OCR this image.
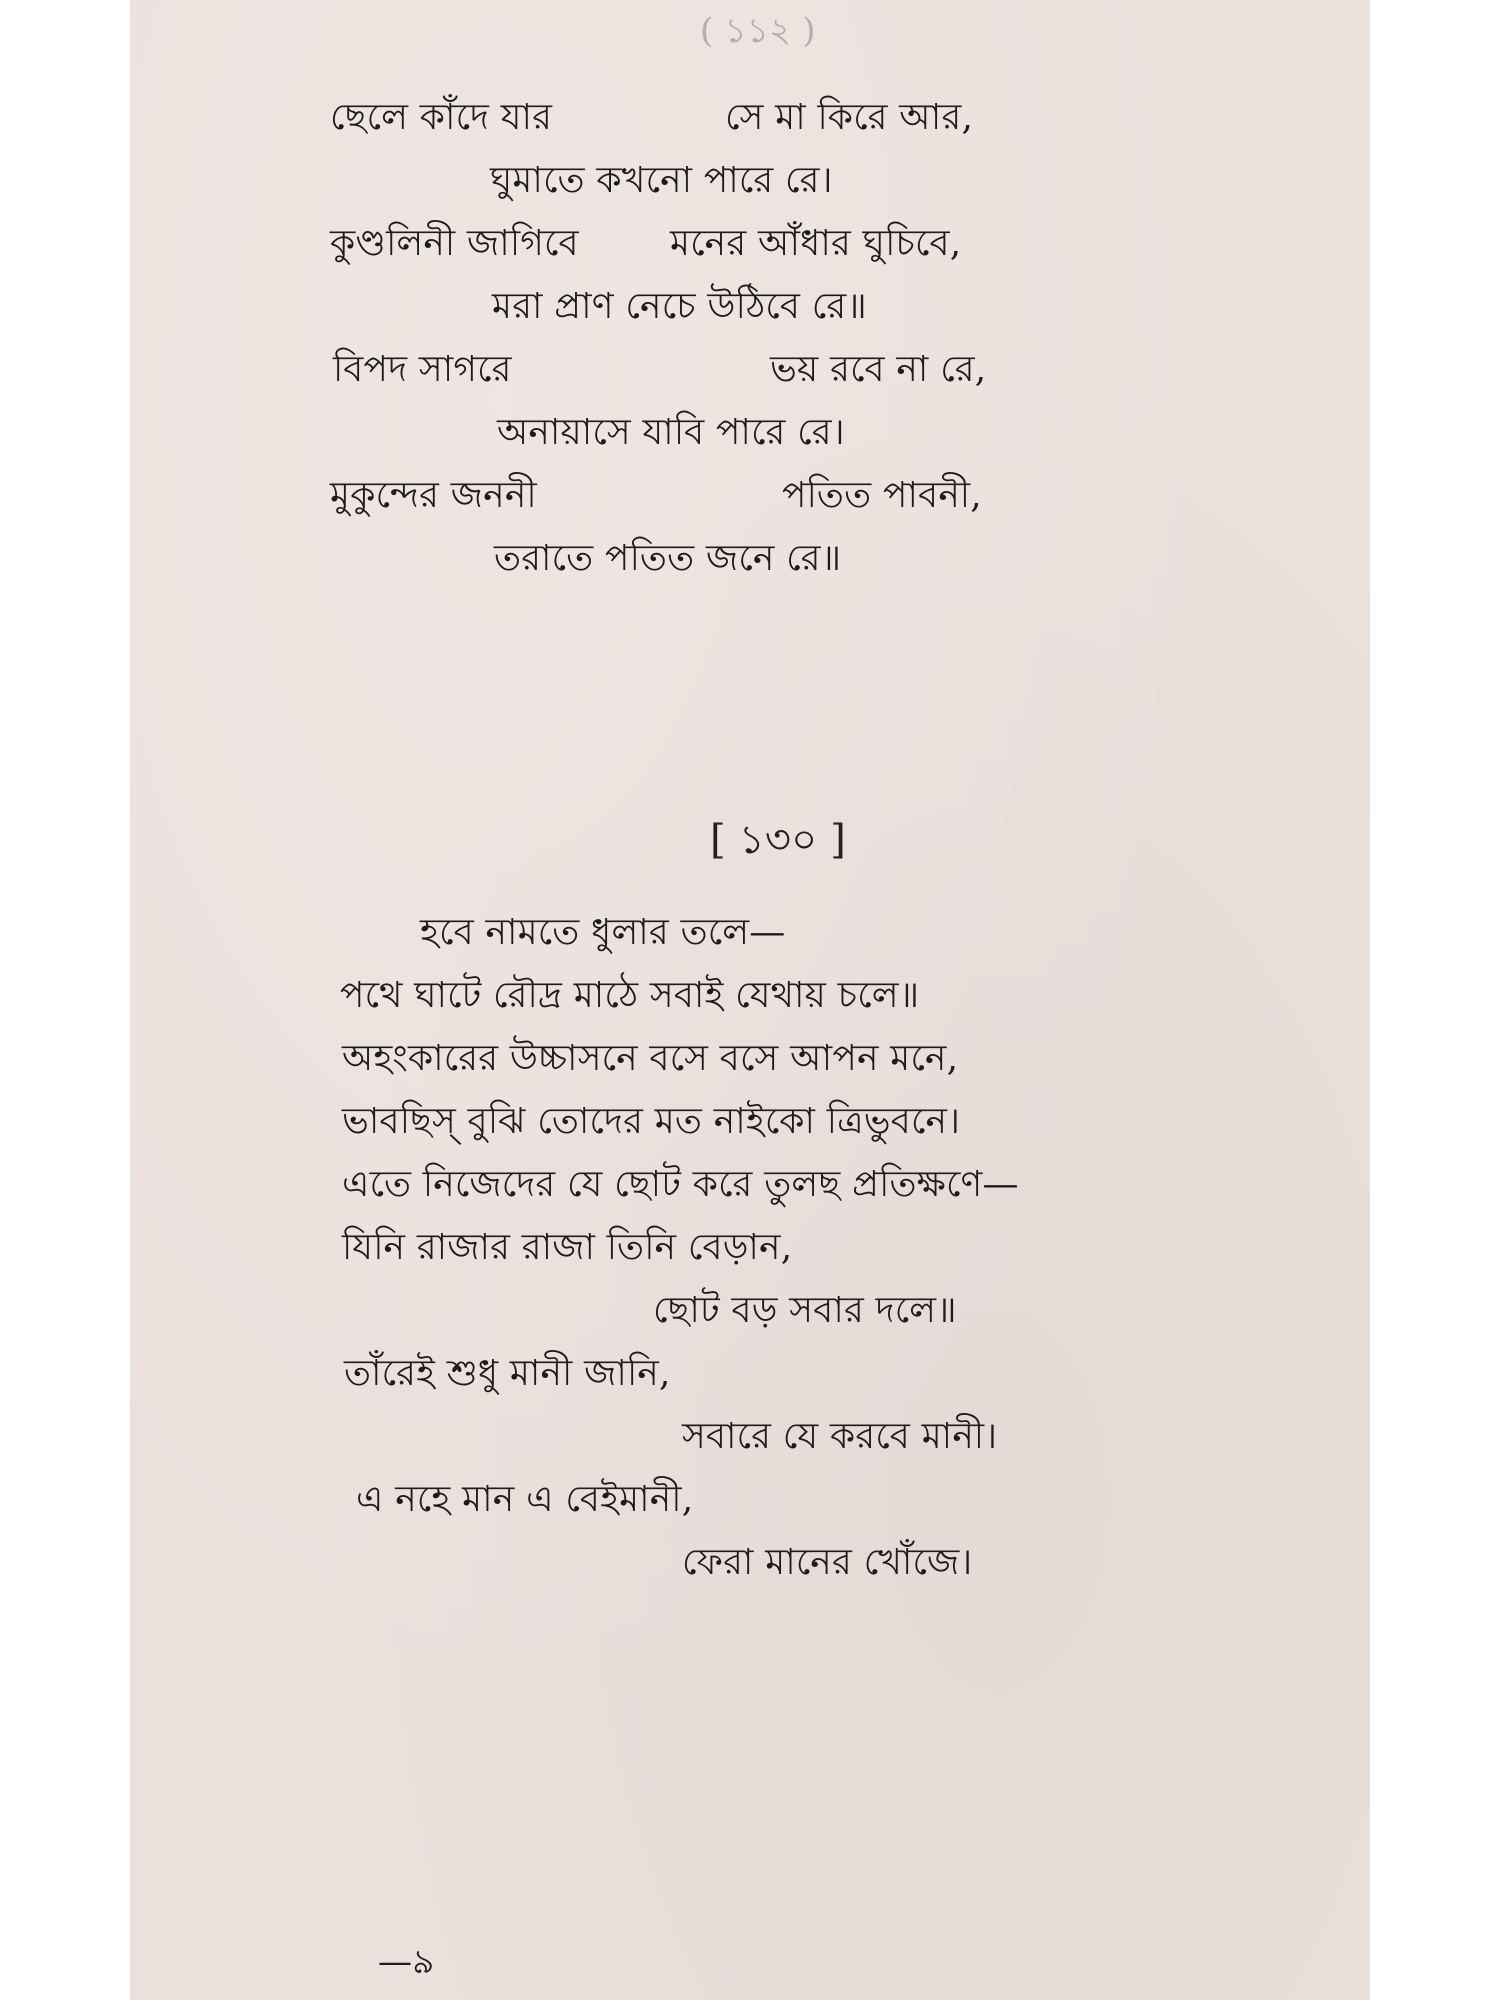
( ১১২ )

ছেলে কাঁদে যার	সে মা কিরে আর,

ঘুমাতে কখনো পারে রে।

কুণ্ডলিনী জাগিবে	মনের আঁধার ঘুচিবে,

মরা প্রাণ নেচে উঠিবে রে॥

বিপদ সাগরে	ভয় রবে না রে,

অনায়াসে যাবি পারে রে।

মুকুন্দের জননী	পতিত পাবনী,

তরাতে পতিত জনে রে॥

[ ১৩০ ]

হবে নামতে ধুলার তলে—

পথে ঘাটে রৌদ্র মাঠে সবাই যেথায় চলে॥

অহংকারের উচ্চাসনে বসে বসে আপন মনে,

ভাবছিস্ বুঝি তোদের মত নাইকো ত্রিভুবনে।

এতে নিজেদের যে ছোট করে তুলছ প্রতিক্ষণে—

যিনি রাজার রাজা তিনি বেড়ান,

ছোট বড় সবার দলে॥

তাঁরেই শুধু মানী জানি,

সবারে যে করবে মানী।

এ নহে মান এ বেইমানী,

ফেরা মানের খোঁজে।

—৯
